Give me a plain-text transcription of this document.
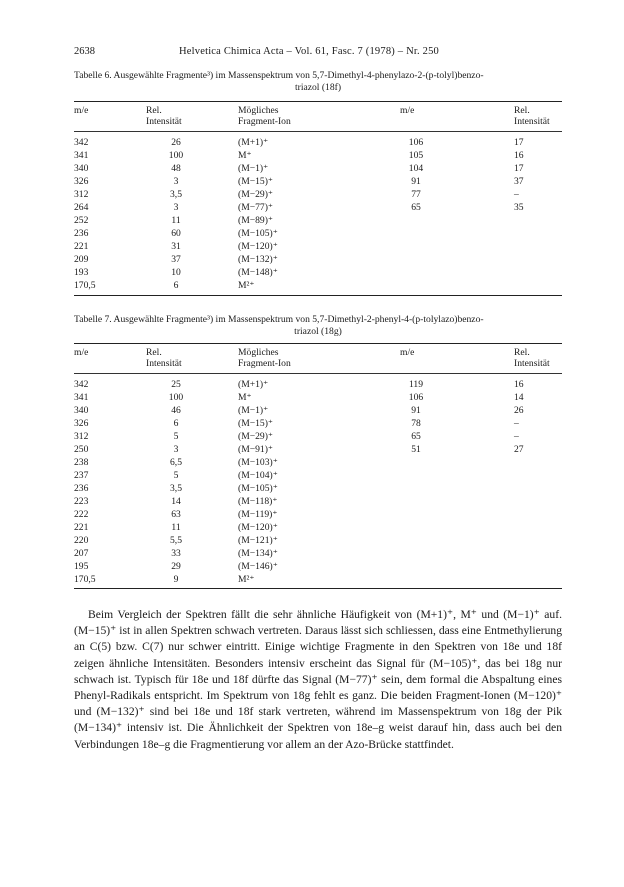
2638	Helvetica Chimica Acta – Vol. 61, Fasc. 7 (1978) – Nr. 250
Tabelle 6. Ausgewählte Fragmente³) im Massenspektrum von 5,7-Dimethyl-4-phenylazo-2-(p-tolyl)benzo-
triazol (18f)
m/e	Rel.
Intensität
Mögliches
Fragment-Ion
m/e	Rel.
Intensität
342	26	(M+1)⁺	106	17
341	100	M⁺	105	16
340	48	(M−1)⁺	104	17
326	3	(M−15)⁺	91	37
312	3,5	(M−29)⁺	77	–
264	3	(M−77)⁺	65	35
252	11	(M−89)⁺
236	60	(M−105)⁺
221	31	(M−120)⁺
209	37	(M−132)⁺
193	10	(M−148)⁺
170,5	6	M²⁺
Tabelle 7. Ausgewählte Fragmente³) im Massenspektrum von 5,7-Dimethyl-2-phenyl-4-(p-tolylazo)benzo-
triazol (18g)
m/e	Rel.
Intensität
Mögliches
Fragment-Ion
m/e	Rel.
Intensität
342	25	(M+1)⁺	119	16
341	100	M⁺	106	14
340	46	(M−1)⁺	91	26
326	6	(M−15)⁺	78	–
312	5	(M−29)⁺	65	–
250	3	(M−91)⁺	51	27
238	6,5	(M−103)⁺
237	5	(M−104)⁺
236	3,5	(M−105)⁺
223	14	(M−118)⁺
222	63	(M−119)⁺
221	11	(M−120)⁺
220	5,5	(M−121)⁺
207	33	(M−134)⁺
195	29	(M−146)⁺
170,5	9	M²⁺

Beim Vergleich der Spektren fällt die sehr ähnliche Häufigkeit von (M+1)⁺, M⁺ und (M−1)⁺ auf. (M−15)⁺ ist in allen Spektren schwach vertreten. Daraus lässt sich schliessen, dass eine Entmethylierung an C(5) bzw. C(7) nur schwer eintritt. Einige wichtige Fragmente in den Spektren von 18e und 18f zeigen ähnliche Intensitäten. Besonders intensiv erscheint das Signal für (M−105)⁺, das bei 18g nur schwach ist. Typisch für 18e und 18f dürfte das Signal (M−77)⁺ sein, dem formal die Abspaltung eines Phenyl-Radikals entspricht. Im Spektrum von 18g fehlt es ganz. Die beiden Fragment-Ionen (M−120)⁺ und (M−132)⁺ sind bei 18e und 18f stark vertreten, während im Massenspektrum von 18g der Pik (M−134)⁺ intensiv ist. Die Ähnlichkeit der Spektren von 18e–g weist darauf hin, dass auch bei den Verbindungen 18e–g die Fragmentierung vor allem an der Azo-Brücke stattfindet.
